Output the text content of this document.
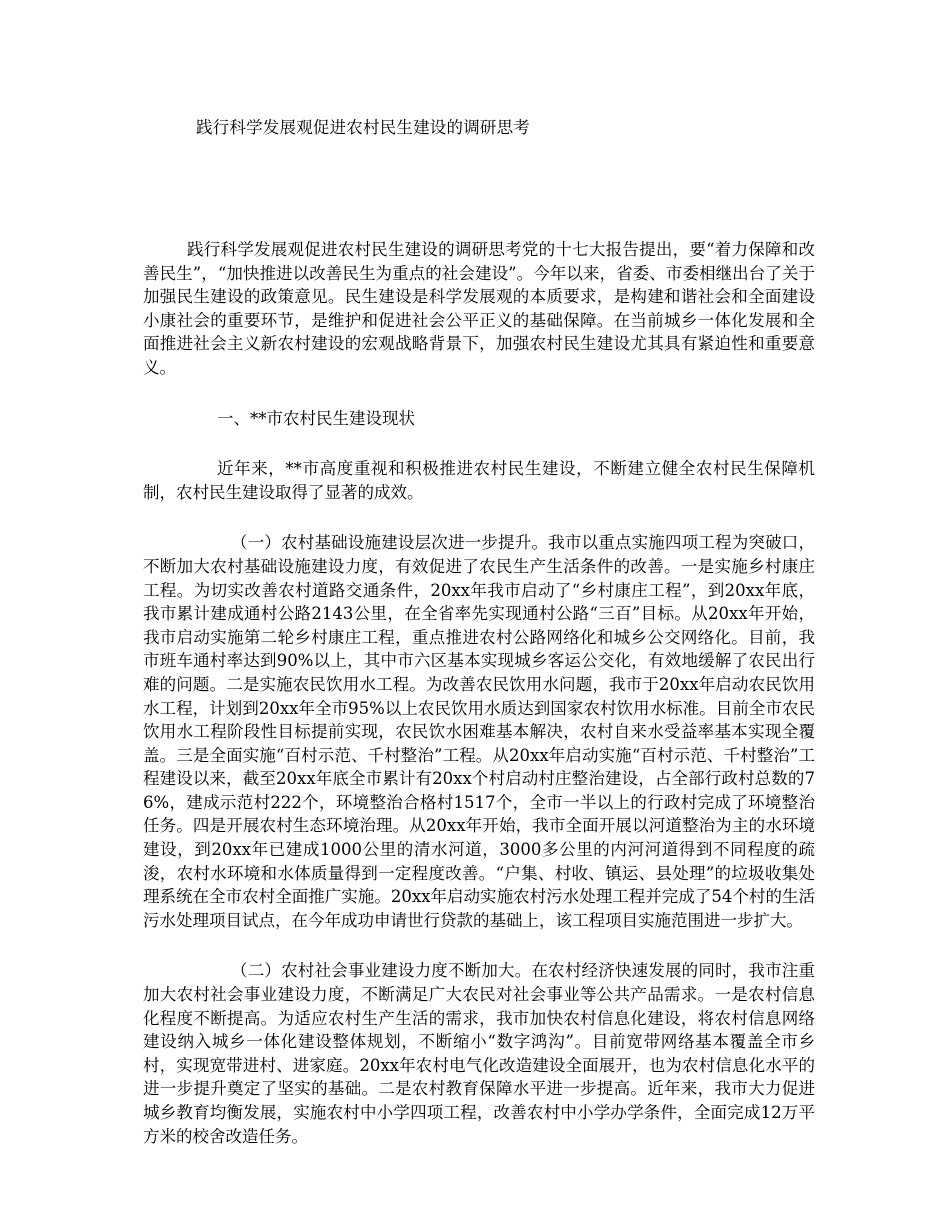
践行科学发展观促进农村民生建设的调研思考

践行科学发展观促进农村民生建设的调研思考党的十七大报告提出，要“着力保障和改善民生”，“加快推进以改善民生为重点的社会建设”。今年以来，省委、市委相继出台了关于加强民生建设的政策意见。民生建设是科学发展观的本质要求，是构建和谐社会和全面建设小康社会的重要环节，是维护和促进社会公平正义的基础保障。在当前城乡一体化发展和全面推进社会主义新农村建设的宏观战略背景下，加强农村民生建设尤其具有紧迫性和重要意义。

一、**市农村民生建设现状

近年来，**市高度重视和积极推进农村民生建设，不断建立健全农村民生保障机制，农村民生建设取得了显著的成效。

（一）农村基础设施建设层次进一步提升。我市以重点实施四项工程为突破口，不断加大农村基础设施建设力度，有效促进了农民生产生活条件的改善。一是实施乡村康庄工程。为切实改善农村道路交通条件，20xx年我市启动了“乡村康庄工程”，到20xx年底，我市累计建成通村公路2143公里，在全省率先实现通村公路“三百”目标。从20xx年开始，我市启动实施第二轮乡村康庄工程，重点推进农村公路网络化和城乡公交网络化。目前，我市班车通村率达到90%以上，其中市六区基本实现城乡客运公交化，有效地缓解了农民出行难的问题。二是实施农民饮用水工程。为改善农民饮用水问题，我市于20xx年启动农民饮用水工程，计划到20xx年全市95%以上农民饮用水质达到国家农村饮用水标准。目前全市农民饮用水工程阶段性目标提前实现，农民饮水困难基本解决，农村自来水受益率基本实现全覆盖。三是全面实施“百村示范、千村整治”工程。从20xx年启动实施“百村示范、千村整治”工程建设以来，截至20xx年底全市累计有20xx个村启动村庄整治建设，占全部行政村总数的76%，建成示范村222个，环境整治合格村1517个，全市一半以上的行政村完成了环境整治任务。四是开展农村生态环境治理。从20xx年开始，我市全面开展以河道整治为主的水环境建设，到20xx年已建成1000公里的清水河道，3000多公里的内河河道得到不同程度的疏浚，农村水环境和水体质量得到一定程度改善。“户集、村收、镇运、县处理”的垃圾收集处理系统在全市农村全面推广实施。20xx年启动实施农村污水处理工程并完成了54个村的生活污水处理项目试点，在今年成功申请世行贷款的基础上，该工程项目实施范围进一步扩大。

（二）农村社会事业建设力度不断加大。在农村经济快速发展的同时，我市注重加大农村社会事业建设力度，不断满足广大农民对社会事业等公共产品需求。一是农村信息化程度不断提高。为适应农村生产生活的需求，我市加快农村信息化建设，将农村信息网络建设纳入城乡一体化建设整体规划，不断缩小“数字鸿沟”。目前宽带网络基本覆盖全市乡村，实现宽带进村、进家庭。20xx年农村电气化改造建设全面展开，也为农村信息化水平的进一步提升奠定了坚实的基础。二是农村教育保障水平进一步提高。近年来，我市大力促进城乡教育均衡发展，实施农村中小学四项工程，改善农村中小学办学条件，全面完成12万平方米的校舍改造任务。
